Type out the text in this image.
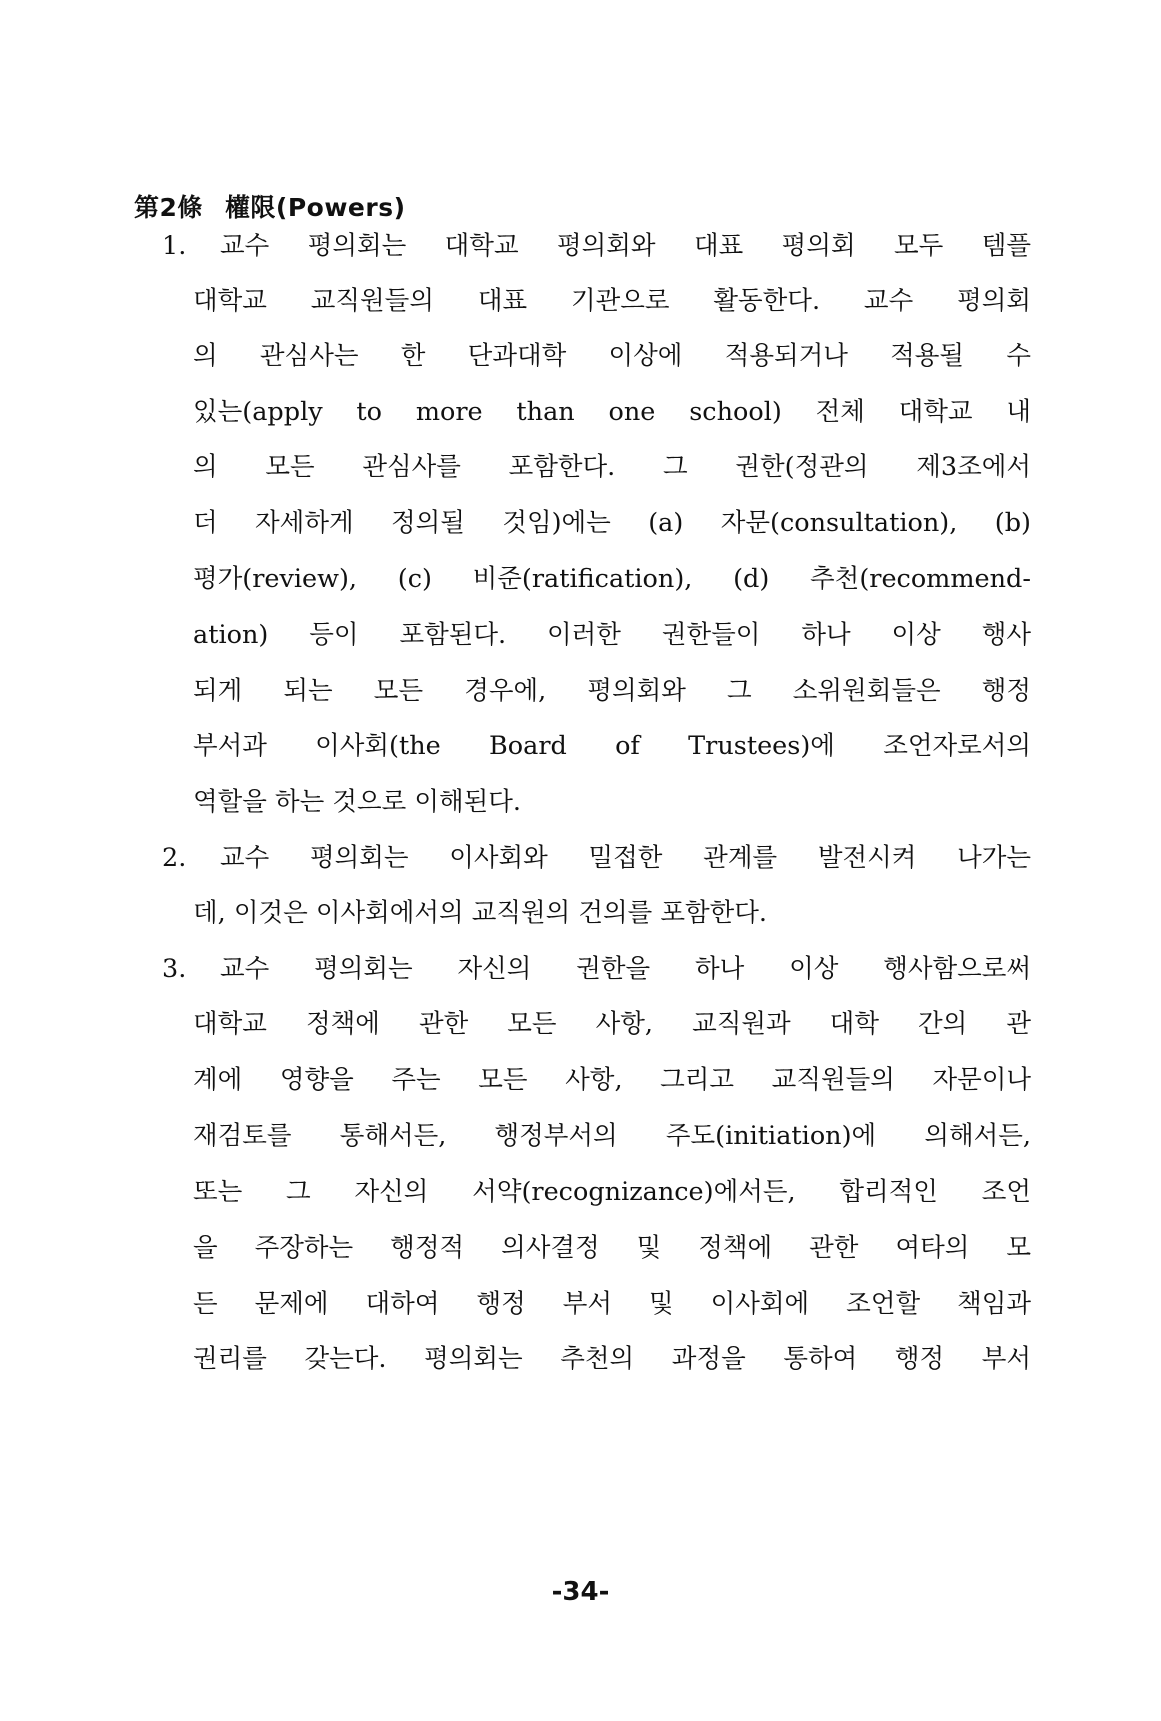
第2條 權限(Powers)
1. 교수 평의회는 대학교 평의회와 대표 평의회 모두 템플
대학교 교직원들의 대표 기관으로 활동한다. 교수 평의회
의 관심사는 한 단과대학 이상에 적용되거나 적용될 수
있는(apply to more than one school) 전체 대학교 내
의 모든 관심사를 포함한다. 그 권한(정관의 제3조에서
더 자세하게 정의될 것임)에는 (a) 자문(consultation), (b)
평가(review), (c) 비준(ratification), (d) 추천(recommend-
ation) 등이 포함된다. 이러한 권한들이 하나 이상 행사
되게 되는 모든 경우에, 평의회와 그 소위원회들은 행정
부서과 이사회(the Board of Trustees)에 조언자로서의
역할을 하는 것으로 이해된다.
2. 교수 평의회는 이사회와 밀접한 관계를 발전시켜 나가는
데, 이것은 이사회에서의 교직원의 건의를 포함한다.
3. 교수 평의회는 자신의 권한을 하나 이상 행사함으로써
대학교 정책에 관한 모든 사항, 교직원과 대학 간의 관
계에 영향을 주는 모든 사항, 그리고 교직원들의 자문이나
재검토를 통해서든, 행정부서의 주도(initiation)에 의해서든,
또는 그 자신의 서약(recognizance)에서든, 합리적인 조언
을 주장하는 행정적 의사결정 및 정책에 관한 여타의 모
든 문제에 대하여 행정 부서 및 이사회에 조언할 책임과
권리를 갖는다. 평의회는 추천의 과정을 통하여 행정 부서
-34-
